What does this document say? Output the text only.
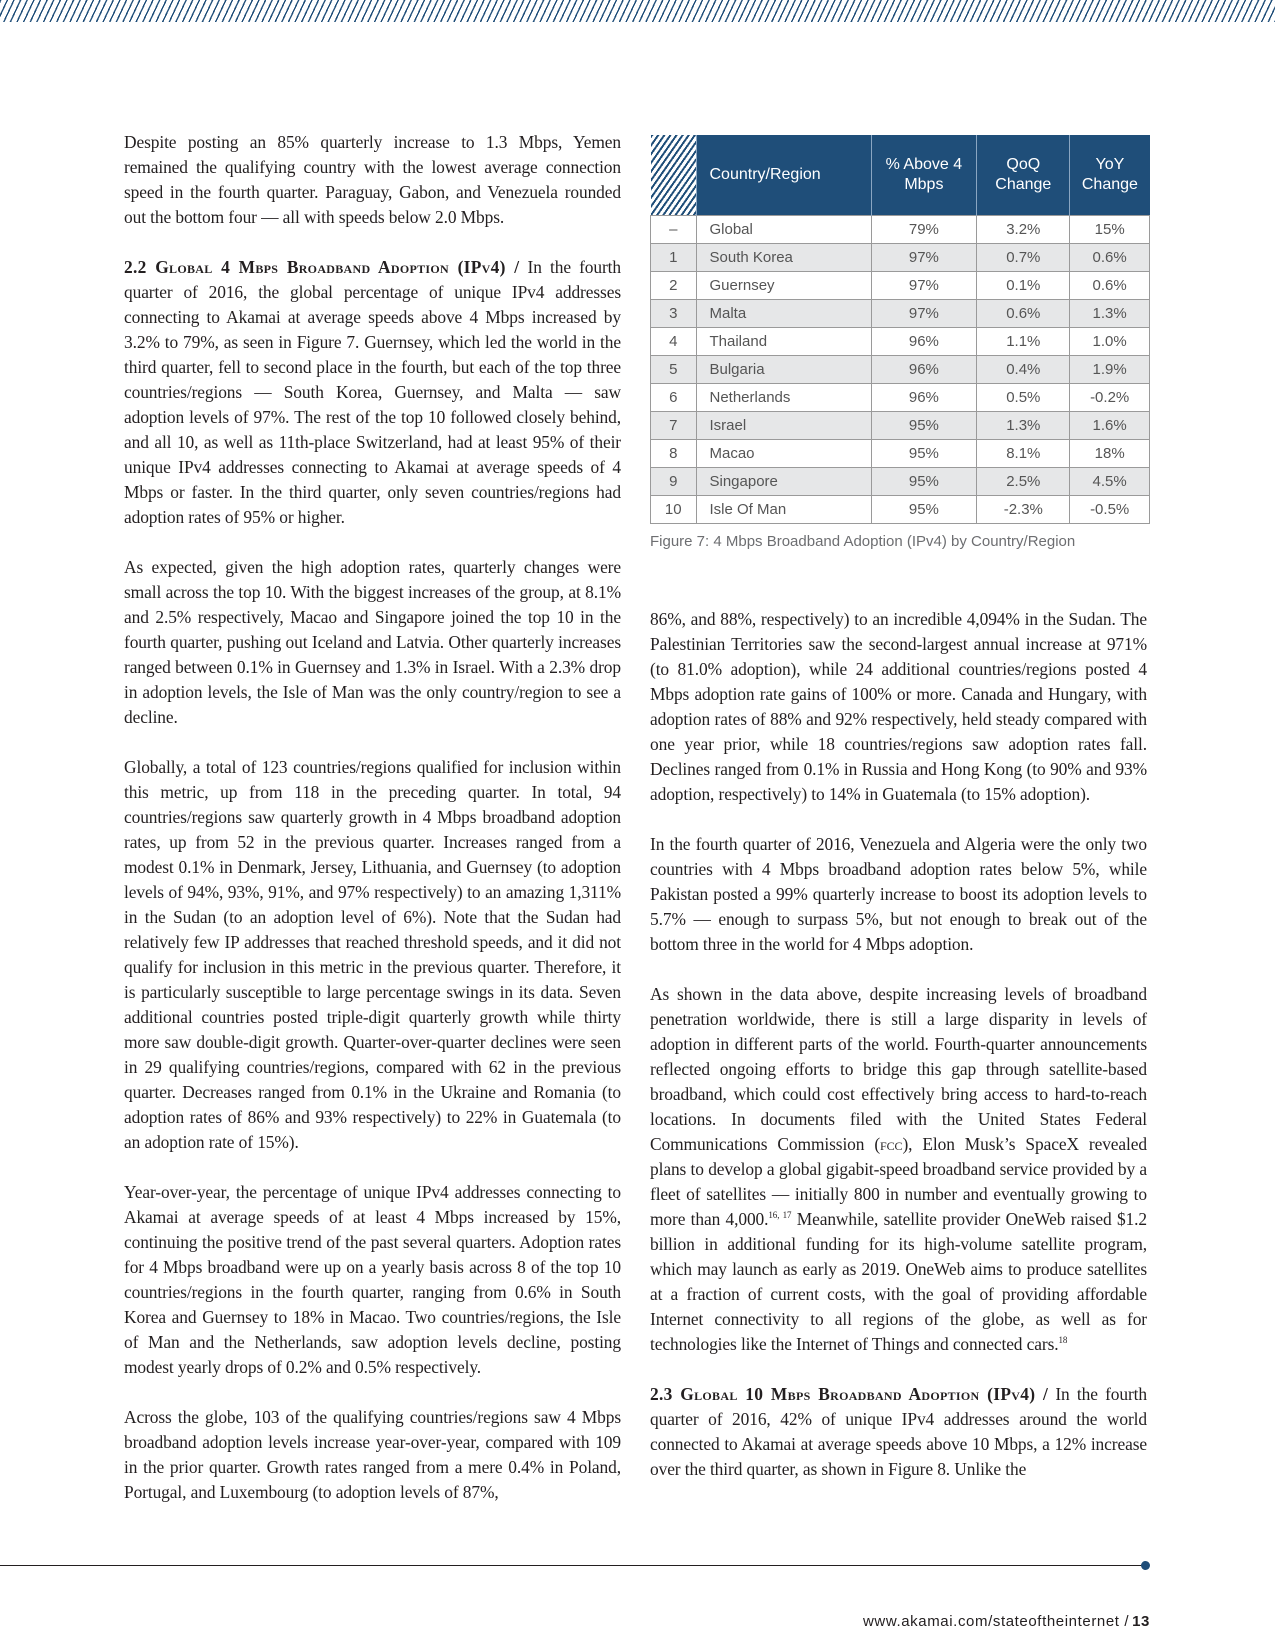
Despite posting an 85% quarterly increase to 1.3 Mbps, Yemen remained the qualifying country with the lowest average connection speed in the fourth quarter. Paraguay, Gabon, and Venezuela rounded out the bottom four — all with speeds below 2.0 Mbps.

2.2 Global 4 Mbps Broadband Adoption (IPv4) / In the fourth quarter of 2016, the global percentage of unique IPv4 addresses connecting to Akamai at average speeds above 4 Mbps increased by 3.2% to 79%, as seen in Figure 7. Guernsey, which led the world in the third quarter, fell to second place in the fourth, but each of the top three countries/regions — South Korea, Guernsey, and Malta — saw adoption levels of 97%. The rest of the top 10 followed closely behind, and all 10, as well as 11th-place Switzerland, had at least 95% of their unique IPv4 addresses connecting to Akamai at average speeds of 4 Mbps or faster. In the third quarter, only seven countries/regions had adoption rates of 95% or higher.

As expected, given the high adoption rates, quarterly changes were small across the top 10. With the biggest increases of the group, at 8.1% and 2.5% respectively, Macao and Singapore joined the top 10 in the fourth quarter, pushing out Iceland and Latvia. Other quarterly increases ranged between 0.1% in Guernsey and 1.3% in Israel. With a 2.3% drop in adoption levels, the Isle of Man was the only country/region to see a decline.

Globally, a total of 123 countries/regions qualified for inclusion within this metric, up from 118 in the preceding quarter. In total, 94 countries/regions saw quarterly growth in 4 Mbps broadband adoption rates, up from 52 in the previous quarter. Increases ranged from a modest 0.1% in Denmark, Jersey, Lithuania, and Guernsey (to adoption levels of 94%, 93%, 91%, and 97% respectively) to an amazing 1,311% in the Sudan (to an adoption level of 6%). Note that the Sudan had relatively few IP addresses that reached threshold speeds, and it did not qualify for inclusion in this metric in the previous quarter. Therefore, it is particularly susceptible to large percentage swings in its data. Seven additional countries posted triple-digit quarterly growth while thirty more saw double-digit growth. Quarter-over-quarter declines were seen in 29 qualifying countries/regions, compared with 62 in the previous quarter. Decreases ranged from 0.1% in the Ukraine and Romania (to adoption rates of 86% and 93% respectively) to 22% in Guatemala (to an adoption rate of 15%).

Year-over-year, the percentage of unique IPv4 addresses connecting to Akamai at average speeds of at least 4 Mbps increased by 15%, continuing the positive trend of the past several quarters. Adoption rates for 4 Mbps broadband were up on a yearly basis across 8 of the top 10 countries/regions in the fourth quarter, ranging from 0.6% in South Korea and Guernsey to 18% in Macao. Two countries/regions, the Isle of Man and the Netherlands, saw adoption levels decline, posting modest yearly drops of 0.2% and 0.5% respectively.

Across the globe, 103 of the qualifying countries/regions saw 4 Mbps broadband adoption levels increase year-over-year, compared with 109 in the prior quarter. Growth rates ranged from a mere 0.4% in Poland, Portugal, and Luxembourg (to adoption levels of 87%,

	Country/Region	% Above 4 Mbps	QoQ Change	YoY Change
–	Global	79%	3.2%	15%
1	South Korea	97%	0.7%	0.6%
2	Guernsey	97%	0.1%	0.6%
3	Malta	97%	0.6%	1.3%
4	Thailand	96%	1.1%	1.0%
5	Bulgaria	96%	0.4%	1.9%
6	Netherlands	96%	0.5%	-0.2%
7	Israel	95%	1.3%	1.6%
8	Macao	95%	8.1%	18%
9	Singapore	95%	2.5%	4.5%
10	Isle Of Man	95%	-2.3%	-0.5%
Figure 7: 4 Mbps Broadband Adoption (IPv4) by Country/Region

86%, and 88%, respectively) to an incredible 4,094% in the Sudan. The Palestinian Territories saw the second-largest annual increase at 971% (to 81.0% adoption), while 24 additional countries/regions posted 4 Mbps adoption rate gains of 100% or more. Canada and Hungary, with adoption rates of 88% and 92% respectively, held steady compared with one year prior, while 18 countries/regions saw adoption rates fall. Declines ranged from 0.1% in Russia and Hong Kong (to 90% and 93% adoption, respectively) to 14% in Guatemala (to 15% adoption).

In the fourth quarter of 2016, Venezuela and Algeria were the only two countries with 4 Mbps broadband adoption rates below 5%, while Pakistan posted a 99% quarterly increase to boost its adoption levels to 5.7% — enough to surpass 5%, but not enough to break out of the bottom three in the world for 4 Mbps adoption.

As shown in the data above, despite increasing levels of broadband penetration worldwide, there is still a large disparity in levels of adoption in different parts of the world. Fourth-quarter announcements reflected ongoing efforts to bridge this gap through satellite-based broadband, which could cost effectively bring access to hard-to-reach locations. In documents filed with the United States Federal Communications Commission (fcc), Elon Musk’s SpaceX revealed plans to develop a global gigabit-speed broadband service provided by a fleet of satellites — initially 800 in number and eventually growing to more than 4,000.$^{16, 17}$ Meanwhile, satellite provider OneWeb raised $1.2 billion in additional funding for its high-volume satellite program, which may launch as early as 2019. OneWeb aims to produce satellites at a fraction of current costs, with the goal of providing affordable Internet connectivity to all regions of the globe, as well as for technologies like the Internet of Things and connected cars.$^{18}$

2.3 Global 10 Mbps Broadband Adoption (IPv4) / In the fourth quarter of 2016, 42% of unique IPv4 addresses around the world connected to Akamai at average speeds above 10 Mbps, a 12% increase over the third quarter, as shown in Figure 8. Unlike the

www.akamai.com/stateoftheinternet / 13
